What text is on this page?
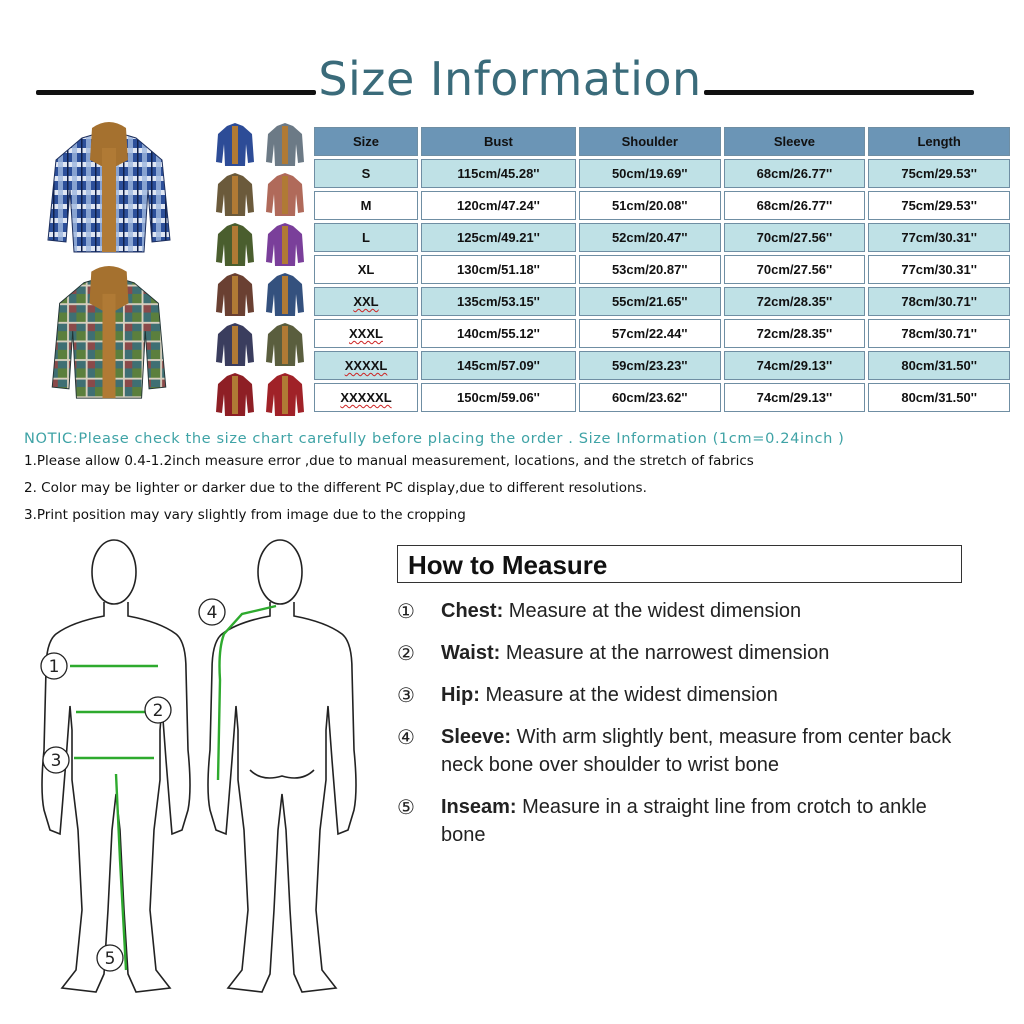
Size Information
Size	Bust	Shoulder	Sleeve	Length
S	115cm/45.28''	50cm/19.69''	68cm/26.77''	75cm/29.53''
M	120cm/47.24''	51cm/20.08''	68cm/26.77''	75cm/29.53''
L	125cm/49.21''	52cm/20.47''	70cm/27.56''	77cm/30.31''
XL	130cm/51.18''	53cm/20.87''	70cm/27.56''	77cm/30.31''
XXL	135cm/53.15''	55cm/21.65''	72cm/28.35''	78cm/30.71''
XXXL	140cm/55.12''	57cm/22.44''	72cm/28.35''	78cm/30.71''
XXXXL	145cm/57.09''	59cm/23.23''	74cm/29.13''	80cm/31.50''
XXXXXL	150cm/59.06''	60cm/23.62''	74cm/29.13''	80cm/31.50''
NOTIC:Please check the size chart carefully before placing the order . Size Information (1cm=0.24inch )
1.Please allow 0.4-1.2inch measure error ,due to manual measurement, locations, and the stretch of fabrics
2. Color may be lighter or darker due to the different PC display,due to different resolutions.
3.Print position may vary slightly from image due to the cropping
1
2
3
4
5
How to Measure
①	Chest: Measure at the widest dimension
②	Waist: Measure at the narrowest dimension
③	Hip: Measure at the widest dimension
④	Sleeve: With arm slightly bent, measure from center back neck bone over shoulder to wrist bone
⑤	Inseam: Measure in a straight line from crotch to ankle bone
